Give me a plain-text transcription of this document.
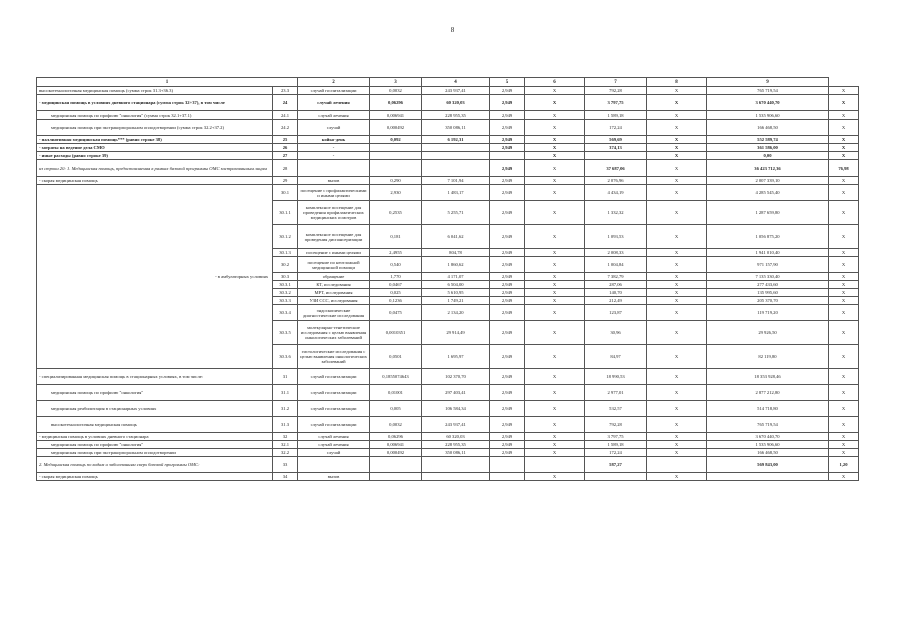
8
1		2	3	4	5	6	7	8	9	
высокотехнологичная медицинская помощь (сумма строк 31.3+36.3)	23.3	случай госпитализации	0,0032	243 937,41	2,949	X	792,28	X	765 719,54	X
- медицинская помощь в условиях дневного стационара (сумма строк 32+37), в том числе	24	случай лечения	0,06296	60 320,03	2,949	X	3 797,75	X	3 670 440,70	X
медицинская помощь по профилю "онкология" (сумма строк 32.1+37.1)	24.1	случай лечения	0,006941	228 955,35	2,949	X	1 589,18	X	1 535 906,60	X
медицинская помощь при экстракорпоральном оплодотворении (сумма строк 32.2+37.2)	24.2	случай	0,000492	350 086,11	2,949	X	172,24	X	166 468,50	X
- паллиативная медицинская помощь*** (равно строке 38)	25	койко-день	0,092	6 192,31	2,949	X	569,69	X	552 589,74	X
- затраты на ведение дела СМО	26	-			2,949	X	374,13	X	361 586,00	X
- иные расходы (равно строке 39)	27	-				X		X	0,00	X
из строки 20: 1. Медицинская помощь, предоставляемая в рамках базовой программы ОМС застрахованным лицам	28				2,949	X	37 687,06	X	36 423 712,36	76,98
- скорая медицинская помощь	29	вызов	0,290	7 101,94	2,949	X	2 076,96	X	2 007 339,10	X
- в амбулаторных условиях	30.1	посещение с профилактическими и иными целями	2,930	1 483,17	2,949	X	4 434,19	X	4 285 545,40	X
	30.1.1	комплексное посещение для проведения профилактических медицинских осмотров	0,2535	5 255,71	2,949	X	1 332,32	X	1 287 659,80	X
	30.1.2	комплексное посещение для проведения диспансеризации	0,181	6 041,62	2,949	X	1 093,53	X	1 056 875,20	X
	30.1.3	посещение с иными целями	2,4955	804,78	2,949	X	2 008,33	X	1 941 010,40	X
	30.2	посещение по неотложной медицинской помощи	0,540	1 860,62	2,949	X	1 004,84	X	971 157,90	X
	30.3	обращение	1,770	4 171,07	2,949	X	7 382,79	X	7 135 330,40	X
	30.3.1	КТ, исследования	0,0467	6 504,00	2,949	X	287,06	X	277 433,60	X
	30.3.2	МРТ, исследования	0,025	5 610,95	2,949	X	140,70	X	135 995,60	X
	30.3.3	УЗИ ССС, исследования	0,1236	1 749,21	2,949	X	212,49	X	205 370,70	X
	30.3.4	эндоскопические диагностические исследования	0,0475	2 134,20	2,949	X	123,87	X	119 719,20	X
	30.3.5	молекулярно-генетические исследования с целью выявления онкологических заболеваний	0,0010351	29 914,49	2,949	X	30,96	X	29 926,50	X
	30.3.6	гистологические исследования с целью выявления онкологических заболеваний	0,0501	1 695,97	2,949	X	84,97	X	82 119,80	X
- специализированная медицинская помощь в стационарных условиях, в том числе:	31	случай госпитализации	0,1855074643	102 370,70	2,949	X	18 990,53	X	18 353 928,46	X
медицинская помощь по профилю "онкология"	31.1	случай госпитализации	0,01001	297 403,41	2,949	X	2 977,01	X	2 877 212,80	X
медицинская реабилитация в стационарных условиях	31.2	случай госпитализации	0,005	106 584,34	2,949	X	532,57	X	514 718,80	X
высокотехнологичная медицинская помощь	31.3	случай госпитализации	0,0032	243 937,41	2,949	X	792,28	X	765 719,54	X
- медицинская помощь в условиях дневного стационара	32	случай лечения	0,06296	60 320,03	2,949	X	3 797,75	X	3 670 440,70	X
медицинская помощь по профилю "онкология"	32.1	случай лечения	0,006941	228 955,35	2,949	X	1 589,18	X	1 535 906,60	X
медицинская помощь при экстракорпоральном оплодотворении	32.2	случай	0,000492	350 086,11	2,949	X	172,24	X	166 468,50	X
2. Медицинская помощь по видам и заболеваниям сверх базовой программы ОМС:	33						587,27		569 843,00	1,20
- скорая медицинская помощь	34	вызов				X		X		X
